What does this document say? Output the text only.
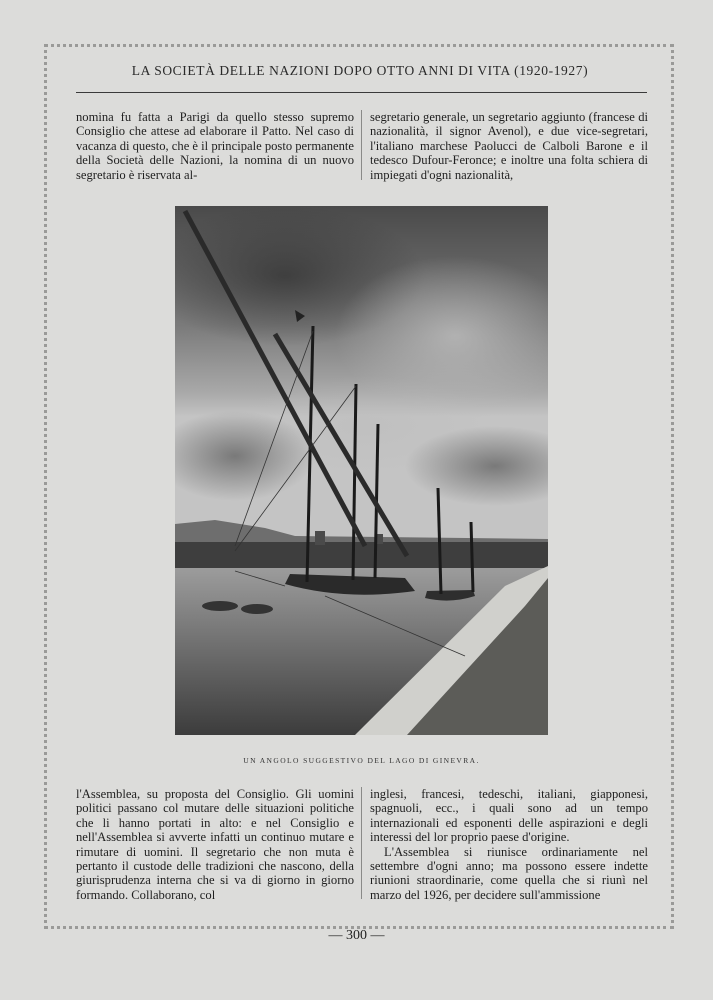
LA SOCIETÀ DELLE NAZIONI DOPO OTTO ANNI DI VITA (1920-1927)

nomina fu fatta a Parigi da quello stesso supremo Consiglio che attese ad elaborare il Patto. Nel caso di vacanza di questo, che è il principale posto permanente della Società delle Nazioni, la nomina di un nuovo segretario è riservata al-

segretario generale, un segretario aggiunto (francese di nazionalità, il signor Avenol), e due vice-segretari, l'italiano marchese Paolucci de Calboli Barone e il tedesco Dufour-Feronce; e inoltre una folta schiera di impiegati d'ogni nazionalità,

UN ANGOLO SUGGESTIVO DEL LAGO DI GINEVRA.

l'Assemblea, su proposta del Consiglio. Gli uomini politici passano col mutare delle situazioni politiche che li hanno portati in alto: e nel Consiglio e nell'Assemblea si avverte infatti un continuo mutare e rimutare di uomini. Il segretario che non muta è pertanto il custode delle tradizioni che nascono, della giurisprudenza interna che si va di giorno in giorno formando. Collaborano, col

inglesi, francesi, tedeschi, italiani, giapponesi, spagnuoli, ecc., i quali sono ad un tempo internazionali ed esponenti delle aspirazioni e degli interessi del lor proprio paese d'origine.

L'Assemblea si riunisce ordinariamente nel settembre d'ogni anno; ma possono essere indette riunioni straordinarie, come quella che si riunì nel marzo del 1926, per decidere sull'ammissione

— 300 —
